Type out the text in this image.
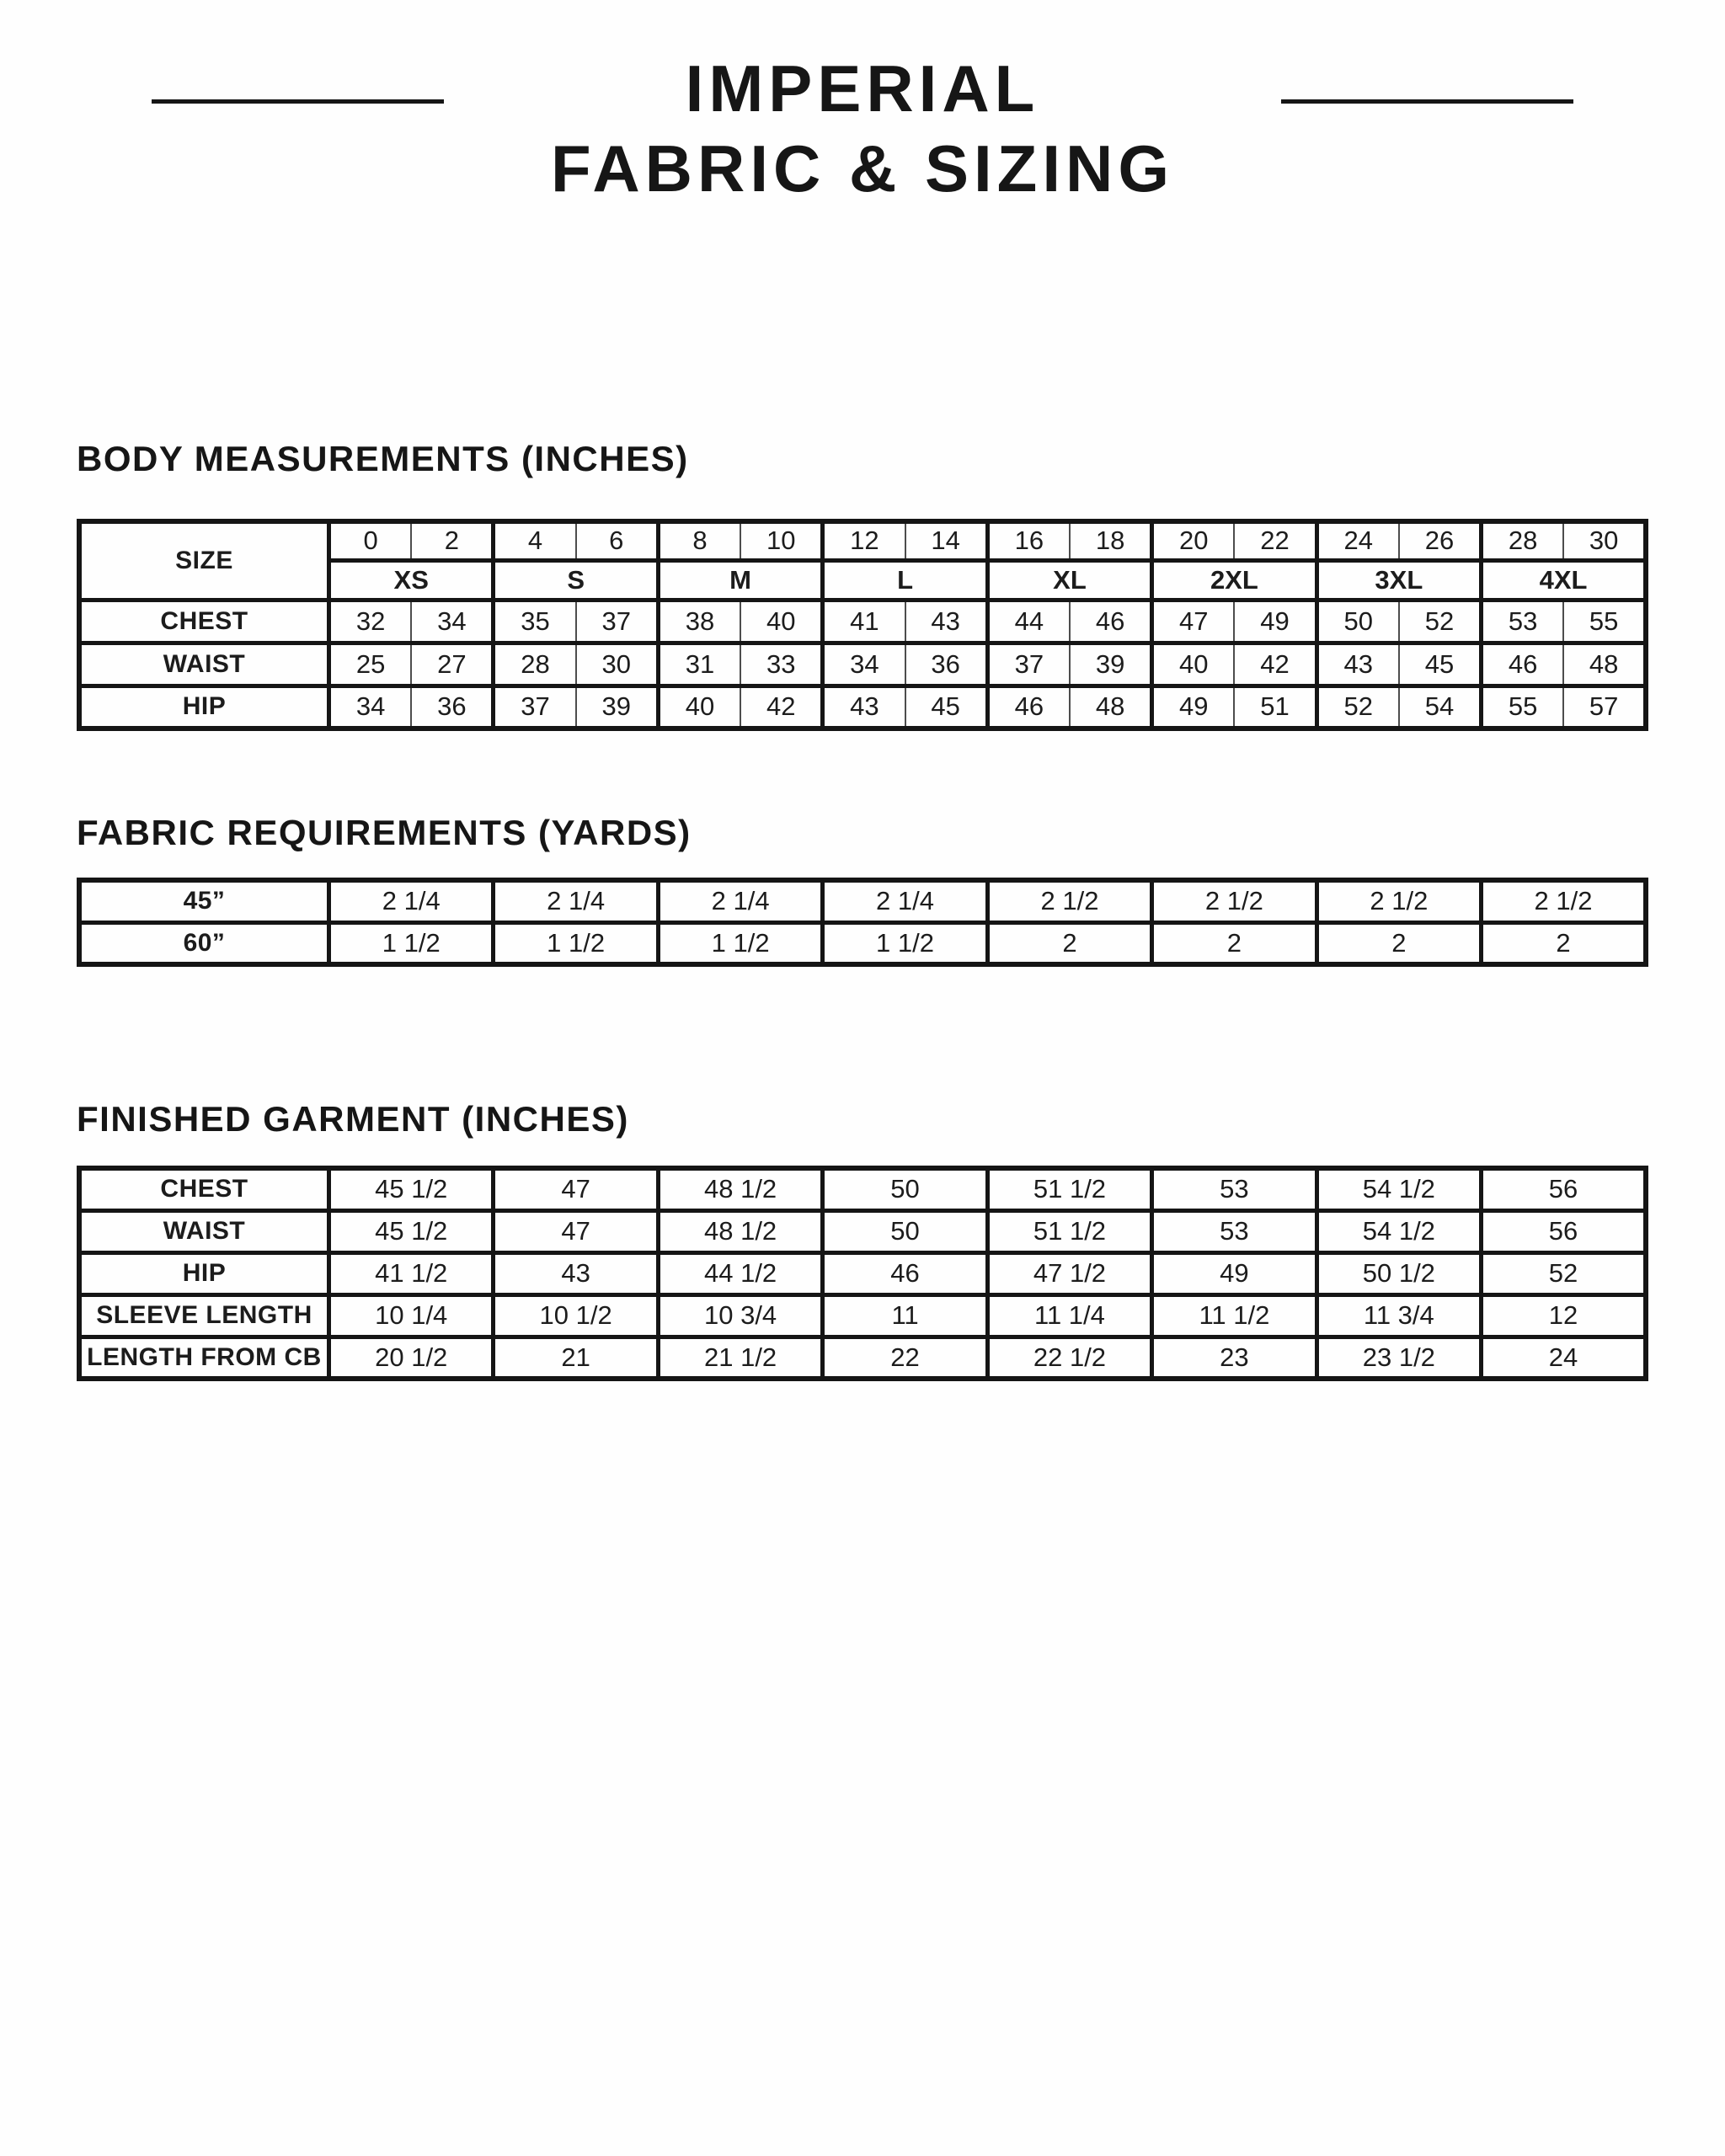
IMPERIAL
FABRIC & SIZING
BODY MEASUREMENTS (INCHES)
SIZE	0	2	4	6	8	10	12	14	16	18	20	22	24	26	28	30
	XS		S		M		L		XL		2XL		3XL		4XL	
CHEST	32	34	35	37	38	40	41	43	44	46	47	49	50	52	53	55
WAIST	25	27	28	30	31	33	34	36	37	39	40	42	43	45	46	48
HIP	34	36	37	39	40	42	43	45	46	48	49	51	52	54	55	57
FABRIC REQUIREMENTS (YARDS)
45”	2 1/4	2 1/4	2 1/4	2 1/4	2 1/2	2 1/2	2 1/2	2 1/2
60”	1 1/2	1 1/2	1 1/2	1 1/2	2	2	2	2
FINISHED GARMENT (INCHES)
CHEST	45 1/2	47	48 1/2	50	51 1/2	53	54 1/2	56
WAIST	45 1/2	47	48 1/2	50	51 1/2	53	54 1/2	56
HIP	41 1/2	43	44 1/2	46	47 1/2	49	50 1/2	52
SLEEVE LENGTH	10 1/4	10 1/2	10 3/4	11	11 1/4	11 1/2	11 3/4	12
LENGTH FROM CB	20 1/2	21	21 1/2	22	22 1/2	23	23 1/2	24
